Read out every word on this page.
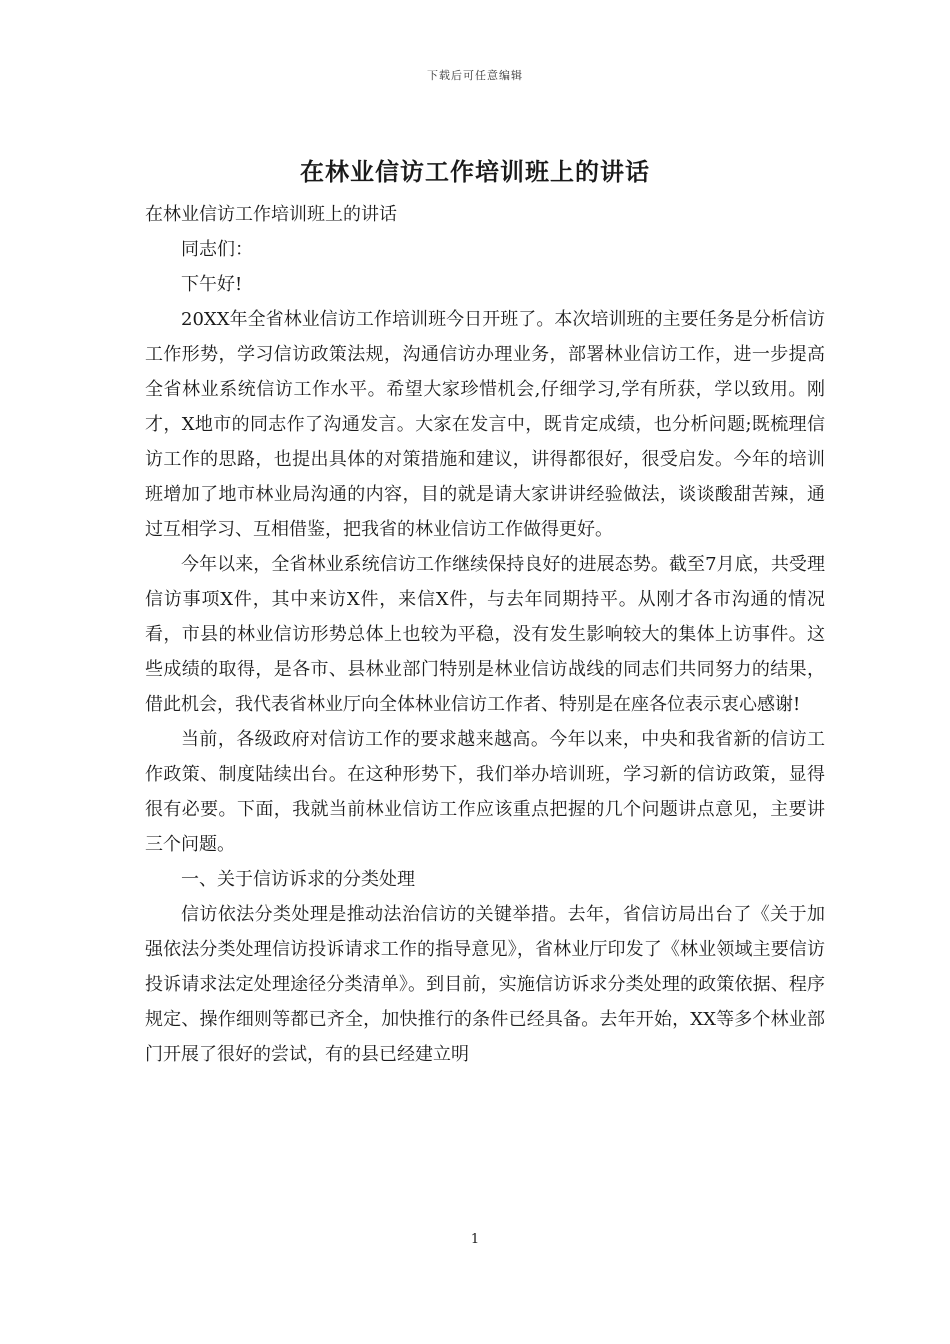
下载后可任意编辑
在林业信访工作培训班上的讲话

在林业信访工作培训班上的讲话

同志们：

下午好!

20XX年全省林业信访工作培训班今日开班了。本次培训班的主要任务是分析信访工作形势，学习信访政策法规，沟通信访办理业务，部署林业信访工作，进一步提高全省林业系统信访工作水平。希望大家珍惜机会,仔细学习,学有所获，学以致用。刚才，X地市的同志作了沟通发言。大家在发言中，既肯定成绩，也分析问题;既梳理信访工作的思路，也提出具体的对策措施和建议，讲得都很好，很受启发。今年的培训班增加了地市林业局沟通的内容，目的就是请大家讲讲经验做法，谈谈酸甜苦辣，通过互相学习、互相借鉴，把我省的林业信访工作做得更好。

今年以来，全省林业系统信访工作继续保持良好的进展态势。截至7月底，共受理信访事项X件，其中来访X件，来信X件，与去年同期持平。从刚才各市沟通的情况看，市县的林业信访形势总体上也较为平稳，没有发生影响较大的集体上访事件。这些成绩的取得，是各市、县林业部门特别是林业信访战线的同志们共同努力的结果，借此机会，我代表省林业厅向全体林业信访工作者、特别是在座各位表示衷心感谢!

当前，各级政府对信访工作的要求越来越高。今年以来，中央和我省新的信访工作政策、制度陆续出台。在这种形势下，我们举办培训班，学习新的信访政策，显得很有必要。下面，我就当前林业信访工作应该重点把握的几个问题讲点意见，主要讲三个问题。

一、关于信访诉求的分类处理

信访依法分类处理是推动法治信访的关键举措。去年，省信访局出台了《关于加强依法分类处理信访投诉请求工作的指导意见》，省林业厅印发了《林业领域主要信访投诉请求法定处理途径分类清单》。到目前，实施信访诉求分类处理的政策依据、程序规定、操作细则等都已齐全，加快推行的条件已经具备。去年开始，XX等多个林业部门开展了很好的尝试，有的县已经建立明

1
